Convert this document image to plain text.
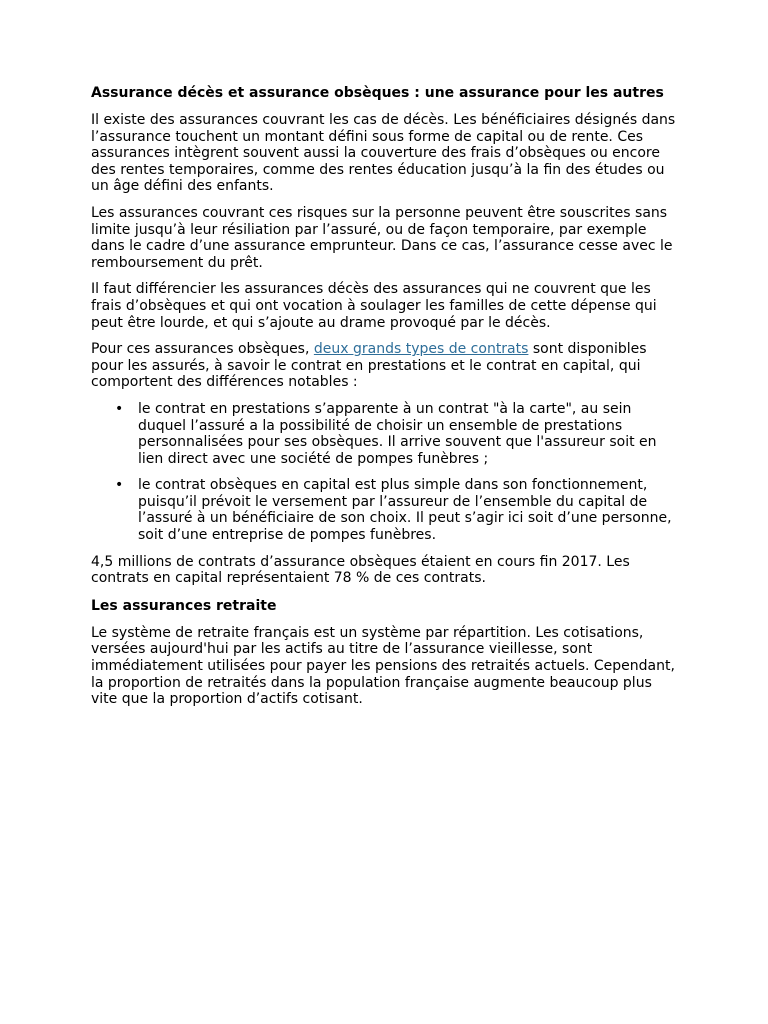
Assurance décès et assurance obsèques : une assurance pour les autres

Il existe des assurances couvrant les cas de décès. Les bénéficiaires désignés dans l’assurance touchent un montant défini sous forme de capital ou de rente. Ces assurances intègrent souvent aussi la couverture des frais d’obsèques ou encore des rentes temporaires, comme des rentes éducation jusqu’à la fin des études ou un âge défini des enfants.

Les assurances couvrant ces risques sur la personne peuvent être souscrites sans limite jusqu’à leur résiliation par l’assuré, ou de façon temporaire, par exemple dans le cadre d’une assurance emprunteur. Dans ce cas, l’assurance cesse avec le remboursement du prêt.

Il faut différencier les assurances décès des assurances qui ne couvrent que les frais d’obsèques et qui ont vocation à soulager les familles de cette dépense qui peut être lourde, et qui s’ajoute au drame provoqué par le décès.

Pour ces assurances obsèques, deux grands types de contrats sont disponibles pour les assurés, à savoir le contrat en prestations et le contrat en capital, qui comportent des différences notables :

• le contrat en prestations s’apparente à un contrat "à la carte", au sein duquel l’assuré a la possibilité de choisir un ensemble de prestations personnalisées pour ses obsèques. Il arrive souvent que l'assureur soit en lien direct avec une société de pompes funèbres ;
• le contrat obsèques en capital est plus simple dans son fonctionnement, puisqu’il prévoit le versement par l’assureur de l’ensemble du capital de l’assuré à un bénéficiaire de son choix. Il peut s’agir ici soit d’une personne, soit d’une entreprise de pompes funèbres.

4,5 millions de contrats d’assurance obsèques étaient en cours fin 2017. Les contrats en capital représentaient 78 % de ces contrats.

Les assurances retraite

Le système de retraite français est un système par répartition. Les cotisations, versées aujourd'hui par les actifs au titre de l’assurance vieillesse, sont immédiatement utilisées pour payer les pensions des retraités actuels. Cependant, la proportion de retraités dans la population française augmente beaucoup plus vite que la proportion d’actifs cotisant.
